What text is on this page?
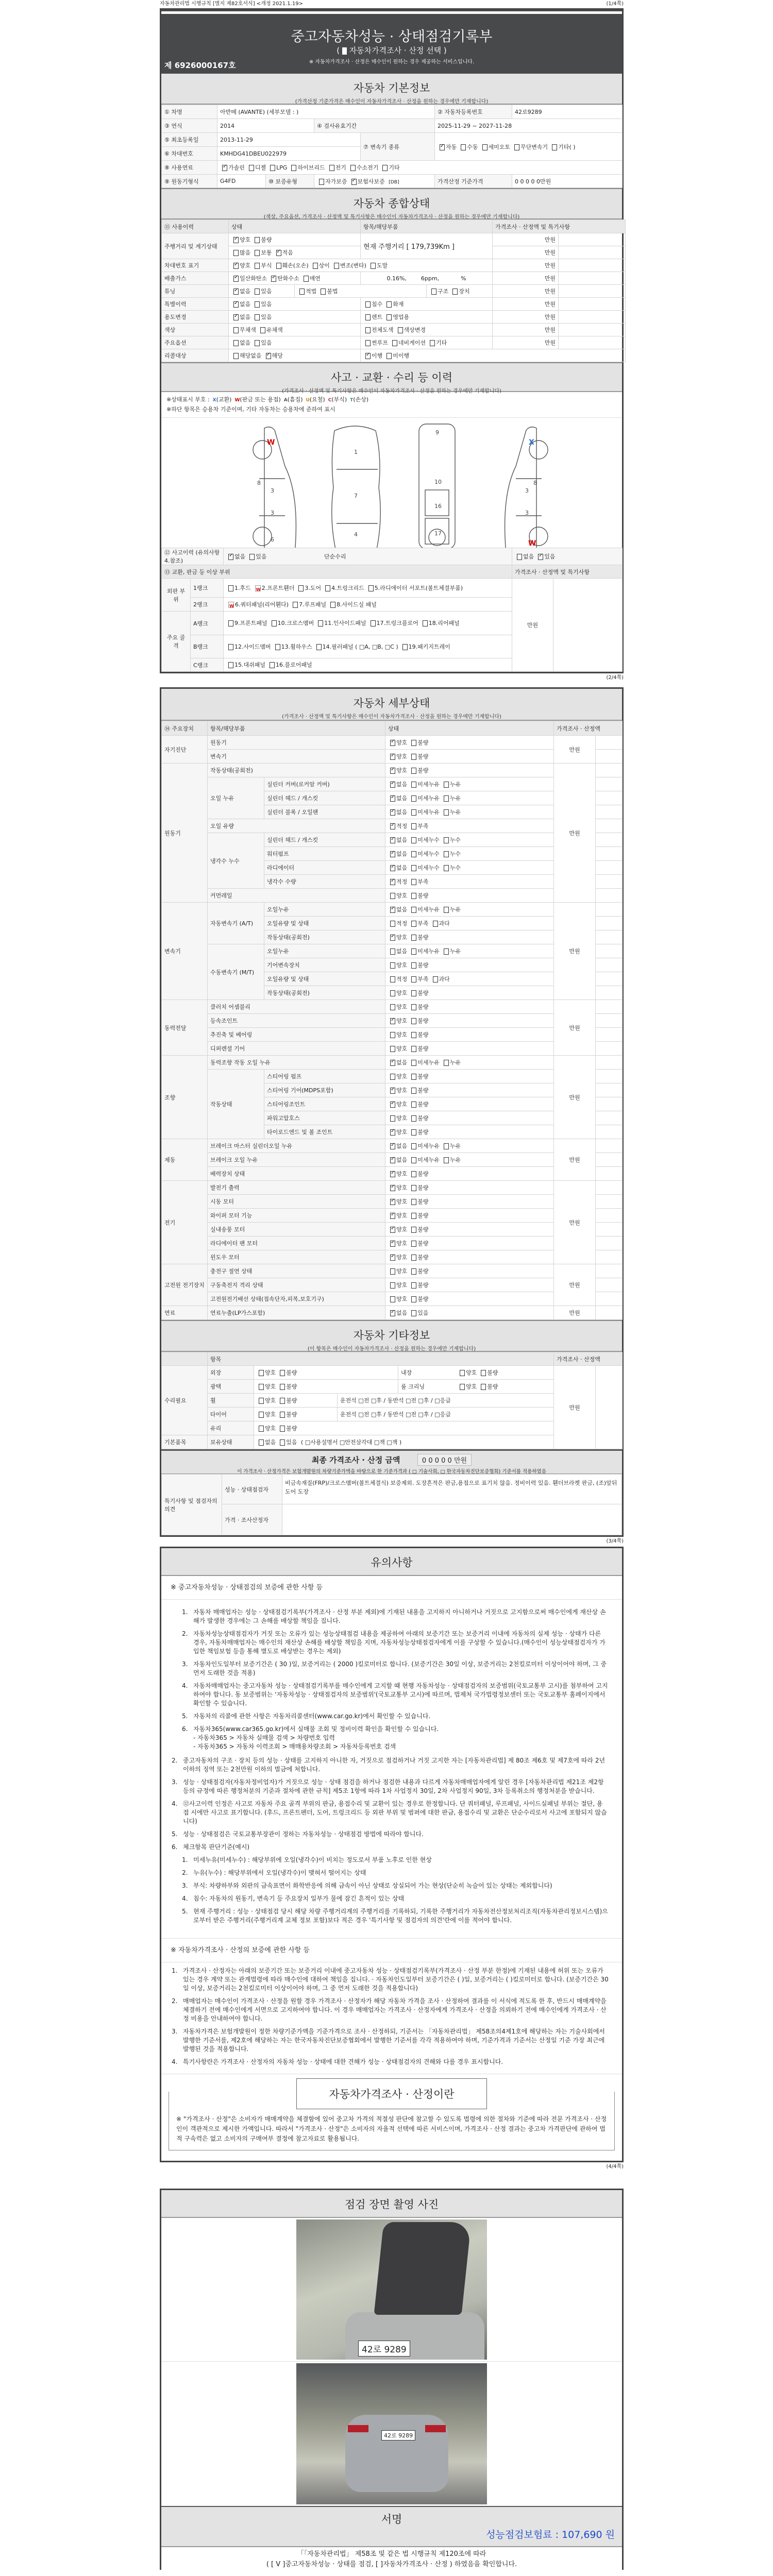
자동차관리법 시행규칙 [별지 제82호서식] <개정 2021.1.19>	(1/4쪽)
중고자동차성능 · 상태점검기록부
( 자동차가격조사 · 산정 선택 )
※ 자동차가격조사 · 산정은 매수인이 원하는 경우 제공하는 서비스입니다.
제 6926000167호
자동차 기본정보
(가격산정 기준가격은 매수인이 자동차가격조사 · 산정을 원하는 경우에만 기재합니다)
① 차명	아반떼 (AVANTE) (세부모델 : )				② 자동차등록번호	42로9289
③ 연식	2014		④ 검사유효기간		2025-11-29 ~ 2027-11-28	
⑤ 최초등록일	2013-11-29			⑦ 변속기 종류	✓자동 수동 세미오토 무단변속기 기타( )
⑥ 차대번호	KMHDG41DBEU022979					
⑧ 사용연료	✓가솔린 디젤 LPG 하이브리드 전기 수소전기 기타
⑨ 원동기형식	G4FD	⑩ 보증유형	자가보증 ✓ 보험사보증 [DB]		가격산정 기준가격	0 0 0 0 0만원
자동차 종합상태
(색상, 주요옵션, 가격조사 · 산정액 및 특기사항은 매수인이 자동차가격조사 · 산정을 원하는 경우에만 기재합니다)
⑪ 사용이력	상태		항목/해당부품		가격조사 · 산정액 및 특기사항	
주행거리 및 계기상태	✓양호 불량		현재 주행거리 [ 179,739Km ]		만원	
	많음 보통 ✓ 적음				만원	
차대번호 표기	✓양호 부식 훼손(오손) 상이 변조(변타) 도말				만원	
배출가스	✓일산화탄소 ✓ 탄화수소 매연		0.16%,        6ppm,            %		만원	
튜닝	✓없음 있음	적법 불법		구조 장치	만원	
특별이력	✓없음 있음		침수 화재		만원	
용도변경	✓없음 있음		렌트 영업용		만원	
색상	무채색 유채색		전체도색 색상변경		만원	
주요옵션	없음 있음		썬루프 네비게이션 기타		만원	
리콜대상	해당없음 ✓ 해당	✓이행 미이행
사고 · 교환 · 수리 등 이력
(가격조사 · 산정액 및 특기사항은 매수인이 자동차가격조사 · 산정을 원하는 경우에만 기재합니다)
※상태표시 부호 : X(교환) W(판금 또는 용접) A(흠집) U(요철) C(부식) T(손상)
※하단 항목은 승용차 기준이며, 기타 자동차는 승용차에 준하여 표시
3
3
6
8
1
7
4
9
10
16
17
3
3
8
W	X
W
⑫ 사고이력 (유의사항 4.참조)	✓없음 있음 단순수리	없음 ✓ 있음
⑬ 교환, 판금 등 이상 부위			가격조사 · 산정액 및 특기사항	
외판 부위	1랭크	1.후드 W 2.프론트휀더 3.도어 4.트렁크리드 5.라디에이터 서포트(볼트체결부품)	만원	
	2랭크	W 6.쿼터패널(리어휀다) 7.루프패널 8.사이드실 패널		
주요 골격	A랭크	9.프론트패널 10.크로스멤버 11.인사이드패널 17.트렁크플로어 18.리어패널		
	B랭크	12.사이드멤버 13.휠하우스 14.필러패널 ( □A, □B, □C ) 19.패키지트레이		
	C랭크	15.대쉬패널 16.플로어패널		
(2/4쪽)
자동차 세부상태
(가격조사 · 산정액 및 특기사항은 매수인이 자동차가격조사 · 산정을 원하는 경우에만 기재합니다)
⑭ 주요장치	항목/해당부품		상태	가격조사 · 산정액	
자기진단	원동기	✓양호 불량	만원	
	변속기	✓양호 불량	
원동기	작동상태(공회전)	✓양호 불량	만원	
	오일 누유	실린더 커버(로커암 커버)	✓없음 미세누유 누유	
		실린더 헤드 / 개스킷	✓없음 미세누유 누유	
		실린더 블록 / 오일팬	✓없음 미세누유 누유	
	오일 유량	✓적정 부족	
	냉각수 누수	실린더 헤드 / 개스킷	✓없음 미세누수 누수	
		워터펌프	✓없음 미세누수 누수	
		라디에이터	✓없음 미세누수 누수	
		냉각수 수량	✓적정 부족	
	커먼레일		양호 불량		
변속기	자동변속기 (A/T)	오일누유	✓없음 미세누유 누유	만원	
		오일유량 및 상태	적정 부족 과다		
		작동상태(공회전)	✓양호 불량	
	수동변속기 (M/T)	오일누유	없음 미세누유 누유		
		기어변속장치	양호 불량		
		오일유량 및 상태	적정 부족 과다		
		작동상태(공회전)	양호 불량		
동력전달	클러치 어셈블리		양호 불량	만원	
	등속조인트	✓양호 불량	
	추진축 및 베어링		양호 불량		
	디퍼렌셜 기어		양호 불량		
조향	동력조향 작동 오일 누유	✓없음 미세누유 누유	만원	
	작동상태	스티어링 펌프	양호 불량		
		스티어링 기어(MDPS포함)	✓양호 불량	
		스티어링조인트	✓양호 불량	
		파워고압호스	양호 불량		
		타이로드엔드 및 볼 조인트	✓양호 불량	
제동	브레이크 마스터 실린더오일 누유	✓없음 미세누유 누유	만원	
	브레이크 오일 누유	✓없음 미세누유 누유	
	배력장치 상태	✓양호 불량	
전기	발전기 출력	✓양호 불량	만원	
	시동 모터	✓양호 불량	
	와이퍼 모터 기능	✓양호 불량	
	실내송풍 모터	✓양호 불량	
	라디에이터 팬 모터	✓양호 불량	
	윈도우 모터	✓양호 불량	
고전원 전기장치	충전구 절연 상태		양호 불량	만원	
	구동축전지 격리 상태		양호 불량		
	고전원전기배선 상태(접속단자,피복,보호기구)		양호 불량		
연료	연료누출(LP가스포함)	✓없음 있음	만원	
자동차 기타정보
(이 항목은 매수인이 자동차가격조사 · 산정을 원하는 경우에만 기재합니다)
	항목				가격조사 · 산정액	
수리필요	외장	양호 불량		내장 양호 불량	만원	
	광택	양호 불량		룸 크리닝 양호 불량		
	휠	양호 불량	운전석 □전 □후 / 동반석 □전 □후 / □응급			
	타이어	양호 불량	운전석 □전 □후 / 동반석 □전 □후 / □응급			
	유리	양호 불량				
기본품목	보유상태	없음 있음 ( □사용설명서 □안전삼각대 □잭 □잭 )				
최종 가격조사 · 산정 금액	0 0 0 0 0 만원
이 가격조사 · 산정가격은 보험개발원의 차량기준가액을 바탕으로 한 기준가격과 ( □ 기술사회, □ 한국자동차진단보증협회) 기준서를 적용하였음
특기사항 및 점검자의 의견	성능 · 상태점검자	비금속재질(FRP)/크로스멤버(볼트체결식) 보증제외. 도장흔적은 판금,용접으로 표기치 않음. 정비이력 있음. 휀더브라켓 판금, (조)앞뒤 도어 도장
	가격 · 조사산정자	
(3/4쪽)
유의사항
※ 중고자동차성능 · 상태점검의 보증에 관한 사항 등
1. 자동차 매매업자는 성능 · 상태점검기록부(가격조사 · 산정 부분 제외)에 기재된 내용을 고지하지 아니하거나 거짓으로 고지함으로써 매수인에게 재산상 손해가 발생한 경우에는 그 손해를 배상할 책임을 집니다.
2. 자동차성능상태점검자가 거짓 또는 오류가 있는 성능상태점검 내용을 제공하여 아래의 보증기간 또는 보증거리 이내에 자동차의 실제 성능 · 상태가 다른 경우, 자동차매매업자는 매수인의 재산상 손해를 배상할 책임을 지며, 자동차성능상태점검자에게 이를 구상할 수 있습니다.(매수인이 성능상태점검자가 가입한 책임보험 등을 통해 별도로 배상받는 경우는 제외)
3. 자동차인도일부터 보증기간은 ( 30 )일, 보증거리는 ( 2000 )킬로미터로 합니다. (보증기간은 30일 이상, 보증거리는 2천킬로미터 이상이어야 하며, 그 중 먼저 도래한 것을 적용)
4. 자동차매매업자는 중고자동차 성능 · 상태점검기록부를 매수인에게 고지할 때 현행 자동차성능 · 상태점검자의 보증범위(국토교통부 고시)를 첨부하여 고지하여야 합니다. 동 보증범위는 '자동차성능 · 상태점검자의 보증범위'(국토교통부 고시)에 따르며, 법제처 국가법령정보센터 또는 국토교통부 홈페이지에서 확인할 수 있습니다.
5. 자동차의 리콜에 관한 사항은 자동차리콜센터(www.car.go.kr)에서 확인할 수 있습니다.
6. 자동차365(www.car365.go.kr)에서 실매물 조회 및 정비이력 확인을 확인할 수 있습니다.
- 자동차365 > 자동차 실매물 검색 > 차량번호 입력
- 자동차365 > 자동차 이력조회 > 매매용차량조회 > 자동차등록번호 검색
2. 중고자동차의 구조 · 장치 등의 성능 · 상태를 고지하지 아니한 자, 거짓으로 점검하거나 거짓 고지한 자는 [자동차관리법] 제 80조 제6호 및 제7호에 따라 2년 이하의 징역 또는 2천만원 이하의 벌금에 처합니다.
3. 성능 · 상태점검자(자동차정비업자)가 거짓으로 성능 · 상태 점검을 하거나 점검한 내용과 다르게 자동차매매업자에게 알린 경우 [자동차관리법 제21조 제2항 등의 규정에 따른 행정처분의 기준과 절차에 관한 규칙] 제5조 1항에 따라 1차 사업정지 30일, 2차 사업정지 90일, 3차 등록취소의 행정처분을 받습니다.
4. ⑫사고이력 인정은 사고로 자동차 주요 골격 부위의 판금, 용접수리 및 교환이 있는 경우로 한정합니다. 단 쿼터패널, 루프패널, 사이드실패널 부위는 절단, 용접 시에만 사고로 표기합니다. (후드, 프론트펜더, 도어, 트렁크리드 등 외판 부위 및 범퍼에 대한 판금, 용접수리 및 교환은 단순수리로서 사고에 포함되지 않습니다)
5. 성능 · 상태점검은 국토교통부장관이 정하는 자동차성능 · 상태점검 방법에 따라야 합니다.
6. 체크항목 판단기준(예시)
1. 미세누유(미세누수) : 해당부위에 오일(냉각수)이 비치는 정도로서 부품 노후로 인한 현상
2. 누유(누수) : 해당부위에서 오일(냉각수)이 맺혀서 떨어지는 상태
3. 부식: 차량하부와 외판의 금속표면이 화학반응에 의해 금속이 아닌 상태로 상실되어 가는 현상(단순히 녹슬어 있는 상태는 제외합니다)
4. 침수: 자동차의 원동기, 변속기 등 주요장치 일부가 물에 잠긴 흔적이 있는 상태
5. 현재 주행거리 : 성능 · 상태점검 당시 해당 차량 주행거리계의 주행거리를 기록하되, 기록한 주행거리가 자동차전산정보처리조직(자동차관리정보시스템)으로부터 받은 주행거리(주행거리계 교체 정보 포함)보다 적은 경우 '특기사항 및 점검자의 의견'란에 이를 적어야 합니다.
※ 자동차가격조사 · 산정의 보증에 관한 사항 등
1. 가격조사 · 산정자는 아래의 보증기간 또는 보증거리 이내에 중고자동차 성능 · 상태점검기록부(가격조사 · 산정 부분 한정)에 기재된 내용에 허위 또는 오류가 있는 경우 계약 또는 관계법령에 따라 매수인에 대하여 책임을 집니다. · 자동차인도일부터 보증기간은 ( )일, 보증거리는 ( )킬로미터로 합니다. (보증기간은 30일 이상, 보증거리는 2천킬로미터 이상이어야 하며, 그 중 먼저 도래한 것을 적용합니다)
2. 매매업자는 매수인이 가격조사 · 산정을 원할 경우 가격조사 · 산정자가 해당 자동차 가격을 조사 · 산정하여 결과를 이 서식에 적도록 한 후, 반드시 매매계약을 체결하기 전에 매수인에게 서면으로 고지하여야 합니다. 이 경우 매매업자는 가격조사 · 산정자에게 가격조사 · 산정을 의뢰하기 전에 매수인에게 가격조사 · 산정 비용을 안내하여야 합니다.
3. 자동차가격은 보험개발원이 정한 차량기준가액을 기준가격으로 조사 · 산정하되, 기준서는 「자동차관리법」 제58조의4제1호에 해당하는 자는 기술사회에서 발행한 기준서를, 제2호에 해당하는 자는 한국자동차진단보증협회에서 발행한 기준서를 각각 적용하여야 하며, 기준가격과 기준서는 산정일 기준 가장 최근에 발행된 것을 적용합니다.
4. 특기사항란은 가격조사 · 산정자의 자동차 성능 · 상태에 대한 견해가 성능 · 상태점검자의 견해와 다를 경우 표시합니다.
자동차가격조사 · 산정이란

※ "가격조사 · 산정"은 소비자가 매매계약을 체결함에 있어 중고차 가격의 적절성 판단에 참고할 수 있도록 법령에 의한 절차와 기준에 따라 전문 가격조사 · 산정인이 객관적으로 제시한 가액입니다. 따라서 "가격조사 · 산정"은 소비자의 자율적 선택에 따른 서비스이며, 가격조사 · 산정 결과는 중고차 가격판단에 관하여 법적 구속력은 없고 소비자의 구매여부 결정에 참고자료로 활용됩니다.

(4/4쪽)
점검 장면 촬영 사진
42로 9289
42로 9289
서명
성능점검보험료 : 107,690 원
「「자동차관리법」 제58조 및 같은 법 시행규칙 제120조에 따라
( [ V ]중고자동차성능 · 상태를 점검, [ ]자동차가격조사 · 산정 ) 하였음을 확인합니다.
